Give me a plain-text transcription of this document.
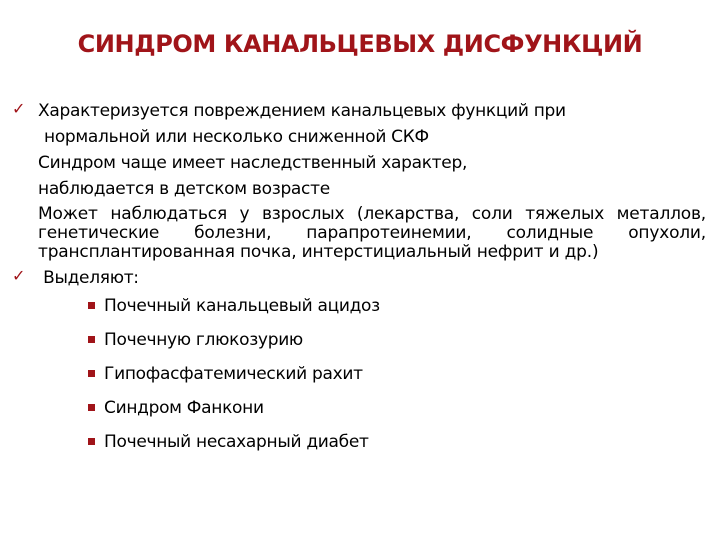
СИНДРОМ КАНАЛЬЦЕВЫХ ДИСФУНКЦИЙ
✓ Характеризуется повреждением канальцевых функций при
нормальной или несколько сниженной СКФ
Синдром чаще имеет наследственный характер, наблюдается в детском возрасте
Может наблюдаться у взрослых (лекарства, соли тяжелых металлов, генетические болезни, парапротеинемии, солидные опухоли, трансплантированная почка, интерстициальный нефрит и др.)
✓ Выделяют:
Почечный канальцевый ацидоз
Почечную глюкозурию
Гипофасфатемический рахит
Синдром Фанкони
Почечный несахарный диабет
